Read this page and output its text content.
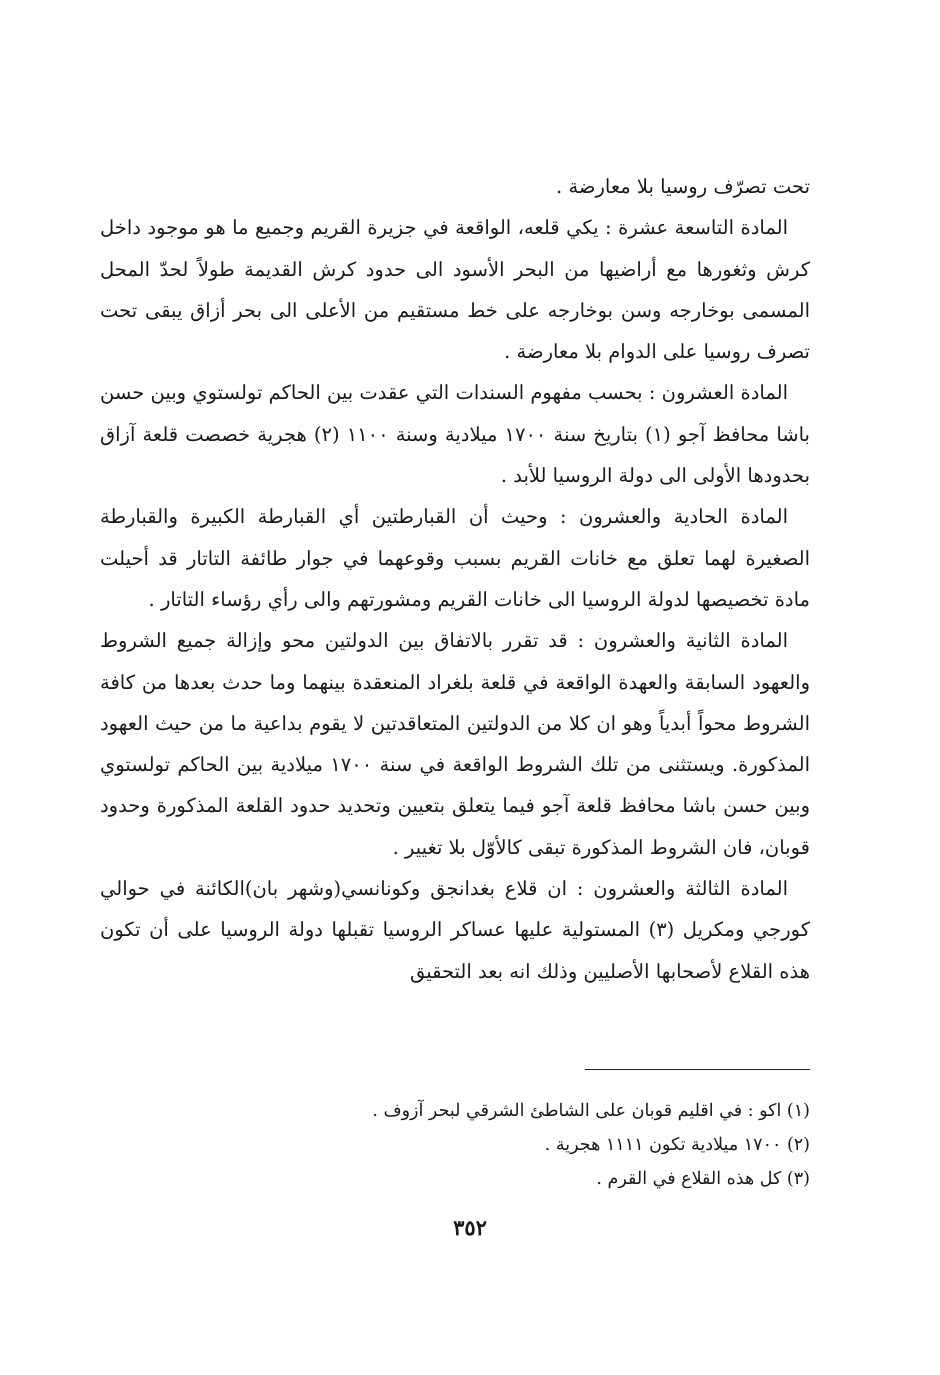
تحت تصرّف روسيا بلا معارضة .

المادة التاسعة عشرة : يكي قلعه، الواقعة في جزيرة القريم وجميع ما هو موجود داخل كرش وثغورها مع أراضيها من البحر الأسود الى حدود كرش القديمة طولاً لحدّ المحل المسمى بوخارجه وسن بوخارجه على خط مستقيم من الأعلى الى بحر أزاق يبقى تحت تصرف روسيا على الدوام بلا معارضة .

المادة العشرون : بحسب مفهوم السندات التي عقدت بين الحاكم تولستوي وبين حسن باشا محافظ آجو (١) بتاريخ سنة ١٧٠٠ ميلادية وسنة ١١٠٠ (٢) هجرية خصصت قلعة آزاق بحدودها الأولى الى دولة الروسيا للأبد .

المادة الحادية والعشرون : وحيث أن القبارطتين أي القبارطة الكبيرة والقبارطة الصغيرة لهما تعلق مع خانات القريم بسبب وقوعهما في جوار طائفة التاتار قد أحيلت مادة تخصيصها لدولة الروسيا الى خانات القريم ومشورتهم والى رأي رؤساء التاتار .

المادة الثانية والعشرون : قد تقرر بالاتفاق بين الدولتين محو وإزالة جميع الشروط والعهود السابقة والعهدة الواقعة في قلعة بلغراد المنعقدة بينهما وما حدث بعدها من كافة الشروط محواً أبدياً وهو ان كلا من الدولتين المتعاقدتين لا يقوم بداعية ما من حيث العهود المذكورة. ويستثنى من تلك الشروط الواقعة في سنة ١٧٠٠ ميلادية بين الحاكم تولستوي وبين حسن باشا محافظ قلعة آجو فيما يتعلق بتعيين وتحديد حدود القلعة المذكورة وحدود قوبان، فان الشروط المذكورة تبقى كالأوّل بلا تغيير .

المادة الثالثة والعشرون : ان قلاع بغدانجق وكونانسي(وشهر بان)الكائنة في حوالي كورجي ومكريل (٣) المستولية عليها عساكر الروسيا تقبلها دولة الروسيا على أن تكون هذه القلاع لأصحابها الأصليين وذلك انه بعد التحقيق

(١) اكو : في اقليم قوبان على الشاطئ الشرقي لبحر آزوف .

(٢) ١٧٠٠ ميلادية تكون ١١١١ هجرية .

(٣) كل هذه القلاع في القرم .

٣٥٢
